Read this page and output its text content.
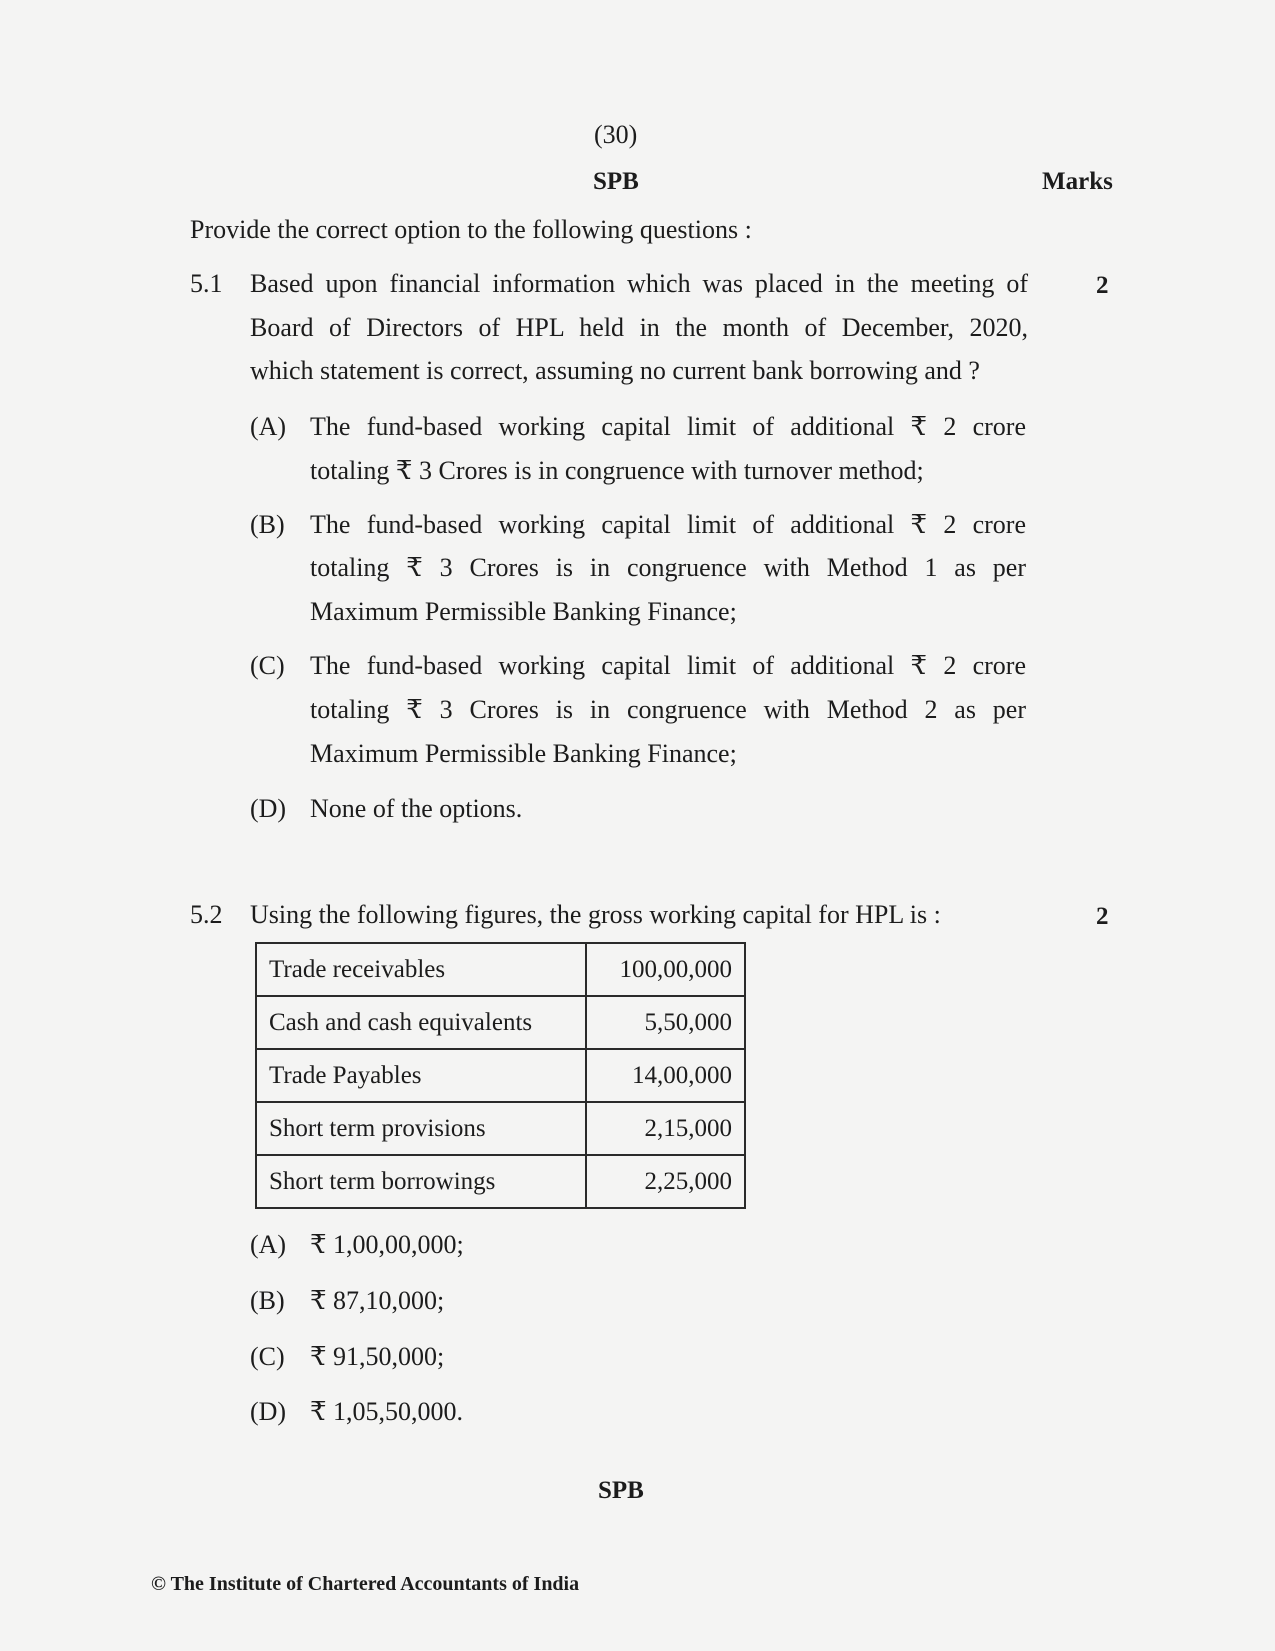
(30)
SPB	Marks
Provide the correct option to the following questions :
5.1 Based upon financial information which was placed in the meeting of	2
Board of Directors of HPL held in the month of December, 2020,
which statement is correct, assuming no current bank borrowing and ?
(A) The fund-based working capital limit of additional ₹ 2 crore
totaling ₹ 3 Crores is in congruence with turnover method;
(B) The fund-based working capital limit of additional ₹ 2 crore
totaling ₹ 3 Crores is in congruence with Method 1 as per
Maximum Permissible Banking Finance;
(C) The fund-based working capital limit of additional ₹ 2 crore
totaling ₹ 3 Crores is in congruence with Method 2 as per
Maximum Permissible Banking Finance;
(D) None of the options.
5.2 Using the following figures, the gross working capital for HPL is :	2
Trade receivables	100,00,000
Cash and cash equivalents	5,50,000
Trade Payables	14,00,000
Short term provisions	2,15,000
Short term borrowings	2,25,000
(A) ₹ 1,00,00,000;
(B) ₹ 87,10,000;
(C) ₹ 91,50,000;
(D) ₹ 1,05,50,000.
SPB
© The Institute of Chartered Accountants of India
